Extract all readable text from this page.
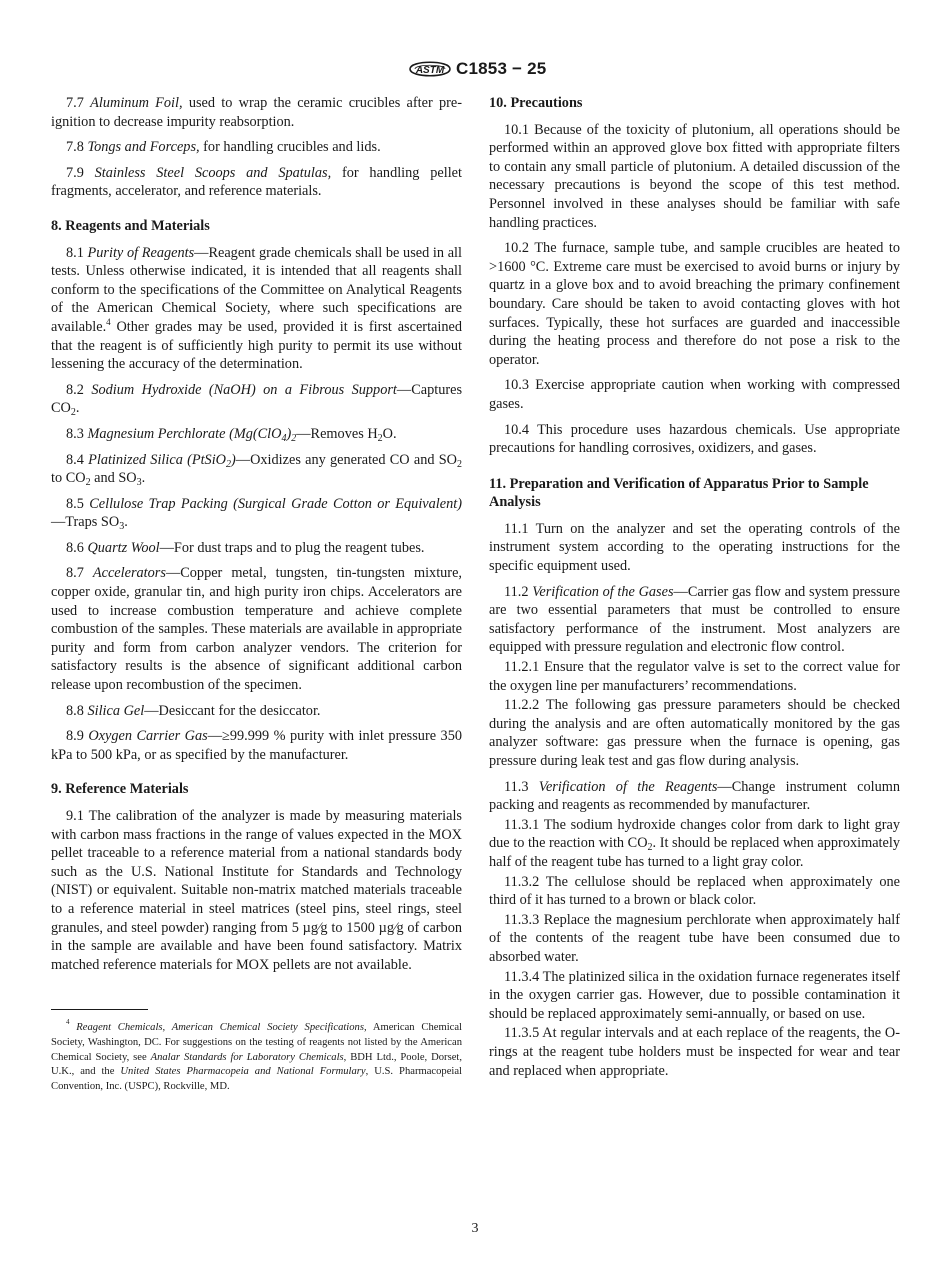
ASTM C1853 − 25

7.7 Aluminum Foil, used to wrap the ceramic crucibles after pre-ignition to decrease impurity reabsorption.

7.8 Tongs and Forceps, for handling crucibles and lids.

7.9 Stainless Steel Scoops and Spatulas, for handling pellet fragments, accelerator, and reference materials.

8. Reagents and Materials

8.1 Purity of Reagents—Reagent grade chemicals shall be used in all tests. Unless otherwise indicated, it is intended that all reagents shall conform to the specifications of the Committee on Analytical Reagents of the American Chemical Society, where such specifications are available.$^4$ Other grades may be used, provided it is first ascertained that the reagent is of sufficiently high purity to permit its use without lessening the accuracy of the determination.

8.2 Sodium Hydroxide (NaOH) on a Fibrous Support—Captures $CO_2$.

8.3 Magnesium Perchlorate ($Mg(ClO_4)_2—Removes$ $H_2O$.

8.4 Platinized Silica (PtSiO$_2$)—Oxidizes any generated CO and $SO_2$ to $CO_2$ and $SO_3$.

8.5 Cellulose Trap Packing (Surgical Grade Cotton or Equivalent)—Traps $SO_3$.

8.6 Quartz Wool—For dust traps and to plug the reagent tubes.

8.7 Accelerators—Copper metal, tungsten, tin-tungsten mixture, copper oxide, granular tin, and high purity iron chips. Accelerators are used to increase combustion temperature and achieve complete combustion of the samples. These materials are available in appropriate purity and form from carbon analyzer vendors. The criterion for satisfactory results is the absence of significant additional carbon release upon recombustion of the specimen.

8.8 Silica Gel—Desiccant for the desiccator.

8.9 Oxygen Carrier Gas—≥99.999 % purity with inlet pressure 350 kPa to 500 kPa, or as specified by the manufacturer.

9. Reference Materials

9.1 The calibration of the analyzer is made by measuring materials with carbon mass fractions in the range of values expected in the MOX pellet traceable to a reference material from a national standards body such as the U.S. National Institute for Standards and Technology (NIST) or equivalent. Suitable non-matrix matched materials traceable to a reference material in steel matrices (steel pins, steel rings, steel granules, and steel powder) ranging from 5 µg⁄g to 1500 µg⁄g of carbon in the sample are available and have been found satisfactory. Matrix matched reference materials for MOX pellets are not available.

$^4$ Reagent Chemicals, American Chemical Society Specifications, American Chemical Society, Washington, DC. For suggestions on the testing of reagents not listed by the American Chemical Society, see Analar Standards for Laboratory Chemicals, BDH Ltd., Poole, Dorset, U.K., and the United States Pharmacopeia and National Formulary, U.S. Pharmacopeial Convention, Inc. (USPC), Rockville, MD.

10. Precautions

10.1 Because of the toxicity of plutonium, all operations should be performed within an approved glove box fitted with appropriate filters to contain any small particle of plutonium. A detailed discussion of the necessary precautions is beyond the scope of this test method. Personnel involved in these analyses should be familiar with safe handling practices.

10.2 The furnace, sample tube, and sample crucibles are heated to >1600 °C. Extreme care must be exercised to avoid burns or injury by quartz in a glove box and to avoid breaching the primary confinement boundary. Care should be taken to avoid contacting gloves with hot surfaces. Typically, these hot surfaces are guarded and inaccessible during the heating process and therefore do not pose a risk to the operator.

10.3 Exercise appropriate caution when working with compressed gases.

10.4 This procedure uses hazardous chemicals. Use appropriate precautions for handling corrosives, oxidizers, and gases.

11. Preparation and Verification of Apparatus Prior to Sample Analysis

11.1 Turn on the analyzer and set the operating controls of the instrument system according to the operating instructions for the specific equipment used.

11.2 Verification of the Gases—Carrier gas flow and system pressure are two essential parameters that must be controlled to ensure satisfactory performance of the instrument. Most analyzers are equipped with pressure regulation and electronic flow control.

11.2.1 Ensure that the regulator valve is set to the correct value for the oxygen line per manufacturers’ recommendations.

11.2.2 The following gas pressure parameters should be checked during the analysis and are often automatically monitored by the gas analyzer software: gas pressure when the furnace is opening, gas pressure during leak test and gas flow during analysis.

11.3 Verification of the Reagents—Change instrument column packing and reagents as recommended by manufacturer.

11.3.1 The sodium hydroxide changes color from dark to light gray due to the reaction with $CO_2$. It should be replaced when approximately half of the reagent tube has turned to a light gray color.

11.3.2 The cellulose should be replaced when approximately one third of it has turned to a brown or black color.

11.3.3 Replace the magnesium perchlorate when approximately half of the contents of the reagent tube have been consumed due to absorbed water.

11.3.4 The platinized silica in the oxidation furnace regenerates itself in the oxygen carrier gas. However, due to possible contamination it should be replaced approximately semi-annually, or based on use.

11.3.5 At regular intervals and at each replace of the reagents, the O-rings at the reagent tube holders must be inspected for wear and tear and replaced when appropriate.

3
